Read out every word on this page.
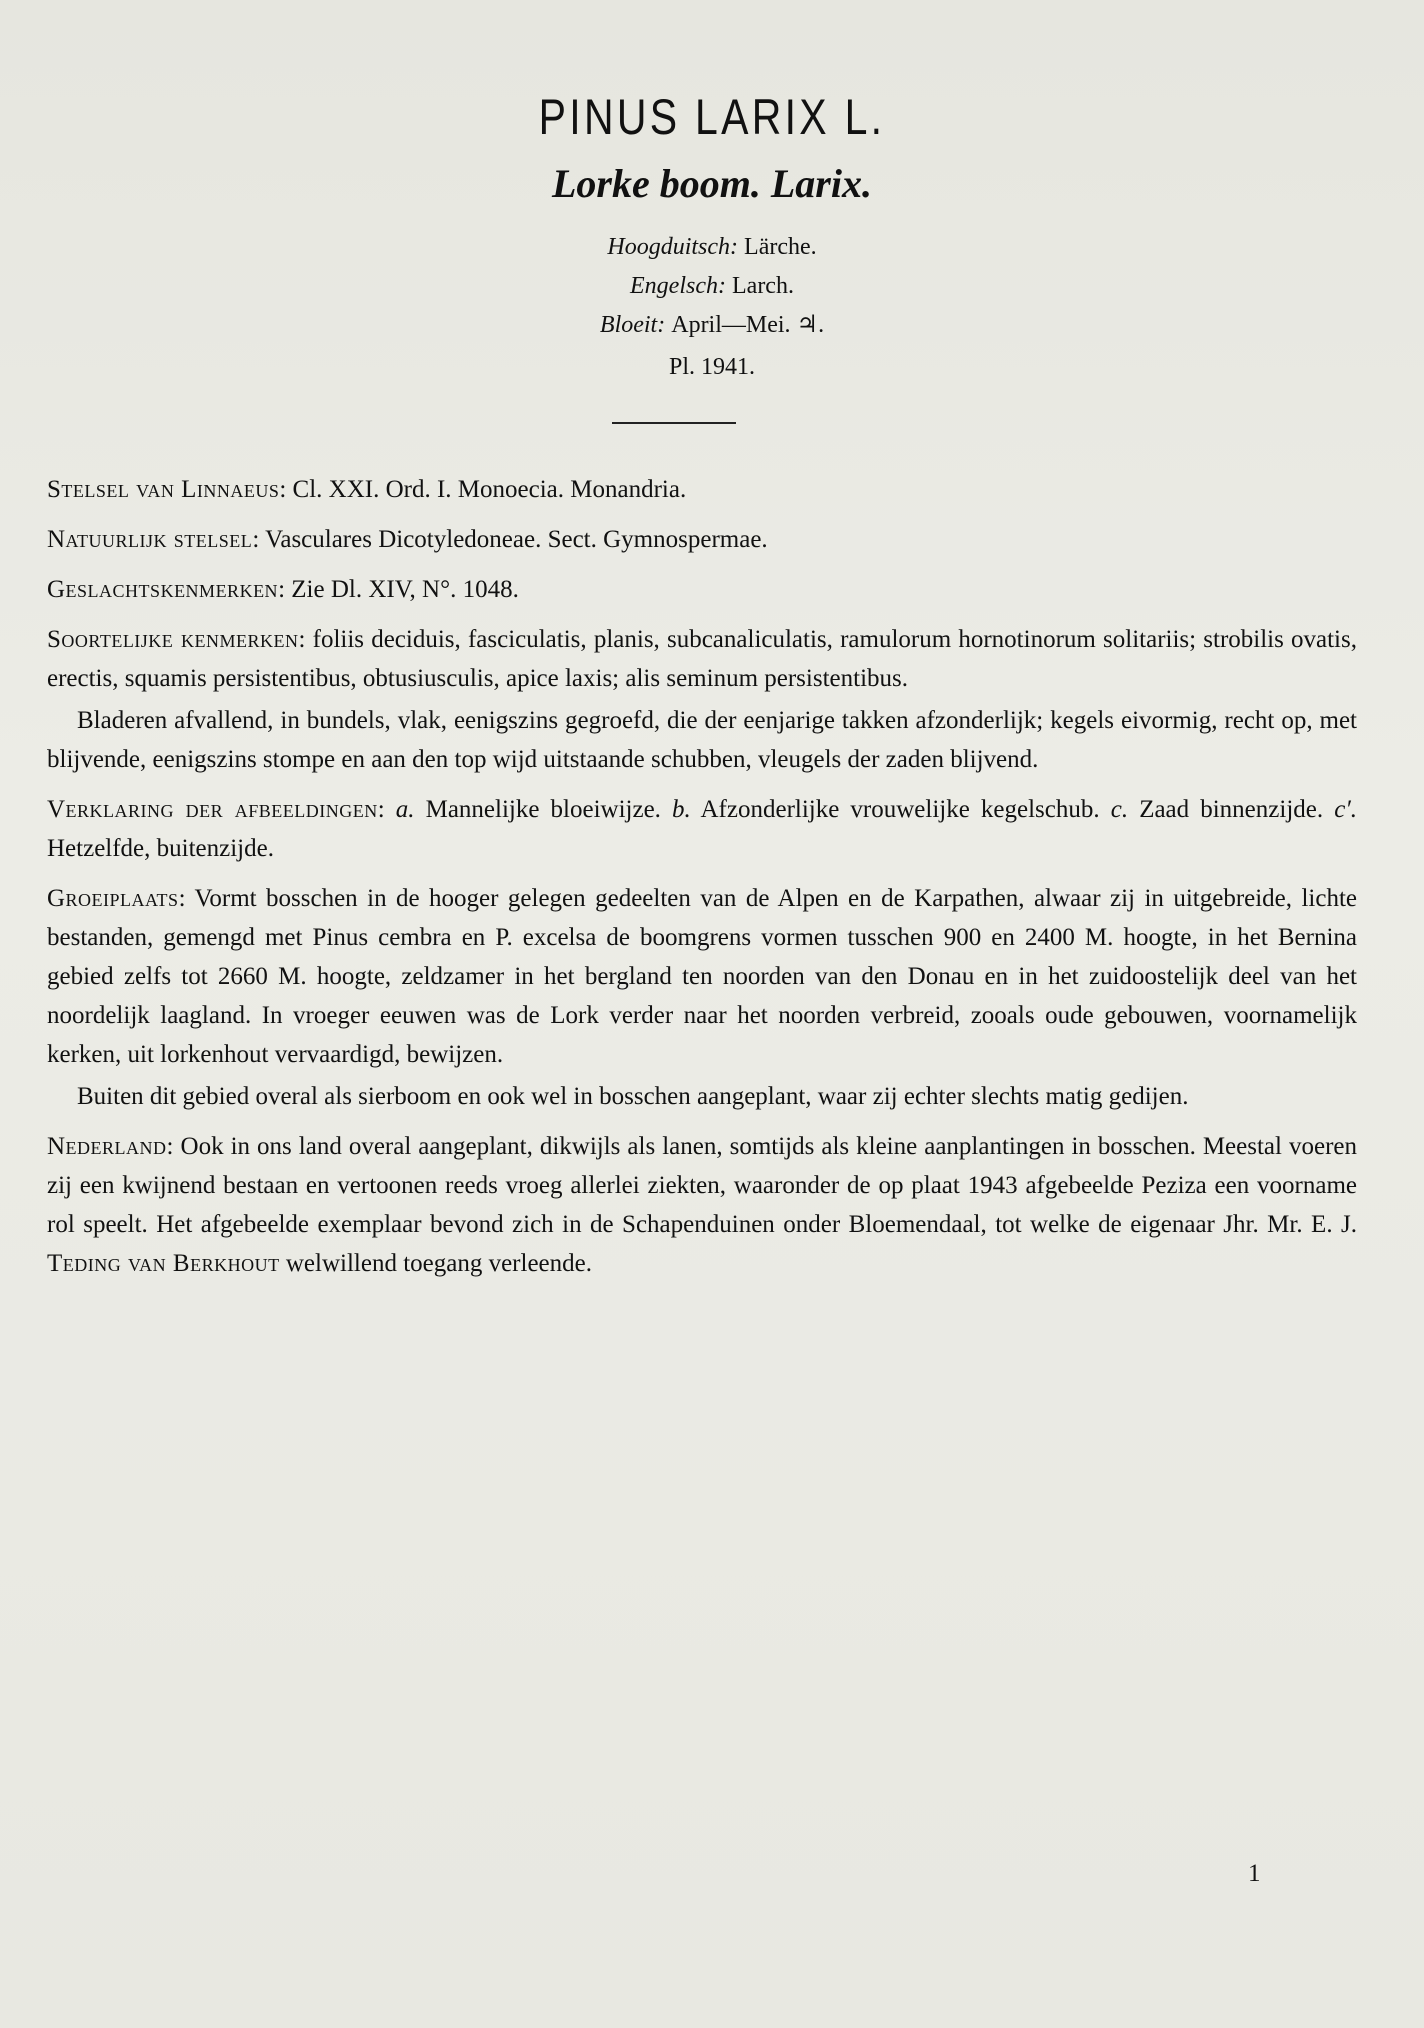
PINUS LARIX L.
Lorke boom. Larix.
Hoogduitsch: Lärche.
Engelsch: Larch.
Bloeit: April—Mei. ♃.
Pl. 1941.

Stelsel van Linnaeus: Cl. XXI. Ord. I. Monoecia. Monandria.

Natuurlijk stelsel: Vasculares Dicotyledoneae. Sect. Gymnospermae.

Geslachtskenmerken: Zie Dl. XIV, N°. 1048.

Soortelijke kenmerken: foliis deciduis, fasciculatis, planis, subcanaliculatis, ramulorum hornotinorum solitariis; strobilis ovatis, erectis, squamis persistentibus, obtusiusculis, apice laxis; alis seminum persistentibus.

Bladeren afvallend, in bundels, vlak, eenigszins gegroefd, die der eenjarige takken afzonderlijk; kegels eivormig, recht op, met blijvende, eenigszins stompe en aan den top wijd uitstaande schubben, vleugels der zaden blijvend.

Verklaring der afbeeldingen: a. Mannelijke bloeiwijze. b. Afzonderlijke vrouwelijke kegelschub. c. Zaad binnenzijde. c′. Hetzelfde, buitenzijde.

Groeiplaats: Vormt bosschen in de hooger gelegen gedeelten van de Alpen en de Karpathen, alwaar zij in uitgebreide, lichte bestanden, gemengd met Pinus cembra en P. excelsa de boomgrens vormen tusschen 900 en 2400 M. hoogte, in het Bernina gebied zelfs tot 2660 M. hoogte, zeldzamer in het bergland ten noorden van den Donau en in het zuidoostelijk deel van het noordelijk laagland. In vroeger eeuwen was de Lork verder naar het noorden verbreid, zooals oude gebouwen, voornamelijk kerken, uit lorkenhout vervaardigd, bewijzen.

Buiten dit gebied overal als sierboom en ook wel in bosschen aangeplant, waar zij echter slechts matig gedijen.

Nederland: Ook in ons land overal aangeplant, dikwijls als lanen, somtijds als kleine aanplantingen in bosschen. Meestal voeren zij een kwijnend bestaan en vertoonen reeds vroeg allerlei ziekten, waaronder de op plaat 1943 afgebeelde Peziza een voorname rol speelt. Het afgebeelde exemplaar bevond zich in de Schapenduinen onder Bloemendaal, tot welke de eigenaar Jhr. Mr. E. J. Teding van Berkhout welwillend toegang verleende.

1
